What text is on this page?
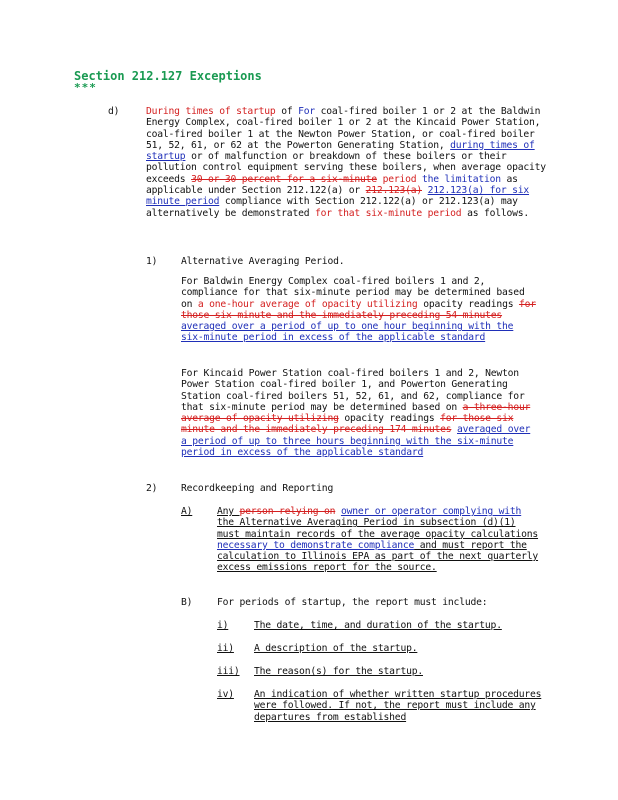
Section 212.127 Exceptions
***
d)	During times of startup of For coal-fired boiler 1 or 2 at the Baldwin Energy Complex, coal-fired boiler 1 or 2 at the Kincaid Power Station, coal-fired boiler 1 at the Newton Power Station, or coal-fired boiler 51, 52, 61, or 62 at the Powerton Generating Station, during times of startup or of malfunction or breakdown of these boilers or their pollution control equipment serving these boilers, when average opacity exceeds 30 or 30 percent for a six-minute period the limitation as applicable under Section 212.122(a) or 212.123(a) 212.123(a) for six minute period compliance with Section 212.122(a) or 212.123(a) may alternatively be demonstrated for that six-minute period as follows.

1) Alternative Averaging Period.

For Baldwin Energy Complex coal-fired boilers 1 and 2, compliance for that six-minute period may be determined based on a one-hour average of opacity utilizing opacity readings for those six minute and the immediately preceding 54 minutes averaged over a period of up to one hour beginning with the six-minute period in excess of the applicable standard

For Kincaid Power Station coal-fired boilers 1 and 2, Newton Power Station coal-fired boiler 1, and Powerton Generating Station coal-fired boilers 51, 52, 61, and 62, compliance for that six-minute period may be determined based on a three-hour average of opacity utilizing opacity readings for those six minute and the immediately preceding 174 minutes averaged over a period of up to three hours beginning with the six-minute period in excess of the applicable standard

2) Recordkeeping and Reporting
A)	Any person relying on owner or operator complying with the Alternative Averaging Period in subsection (d)(1) must maintain records of the average opacity calculations necessary to demonstrate compliance and must report the calculation to Illinois EPA as part of the next quarterly excess emissions report for the source.

B)	For periods of startup, the report must include:
i)	The date, time, and duration of the startup.
ii) A description of the startup.
iii) The reason(s) for the startup.
iv) An indication of whether written startup procedures were followed. If not, the report must include any departures from established
